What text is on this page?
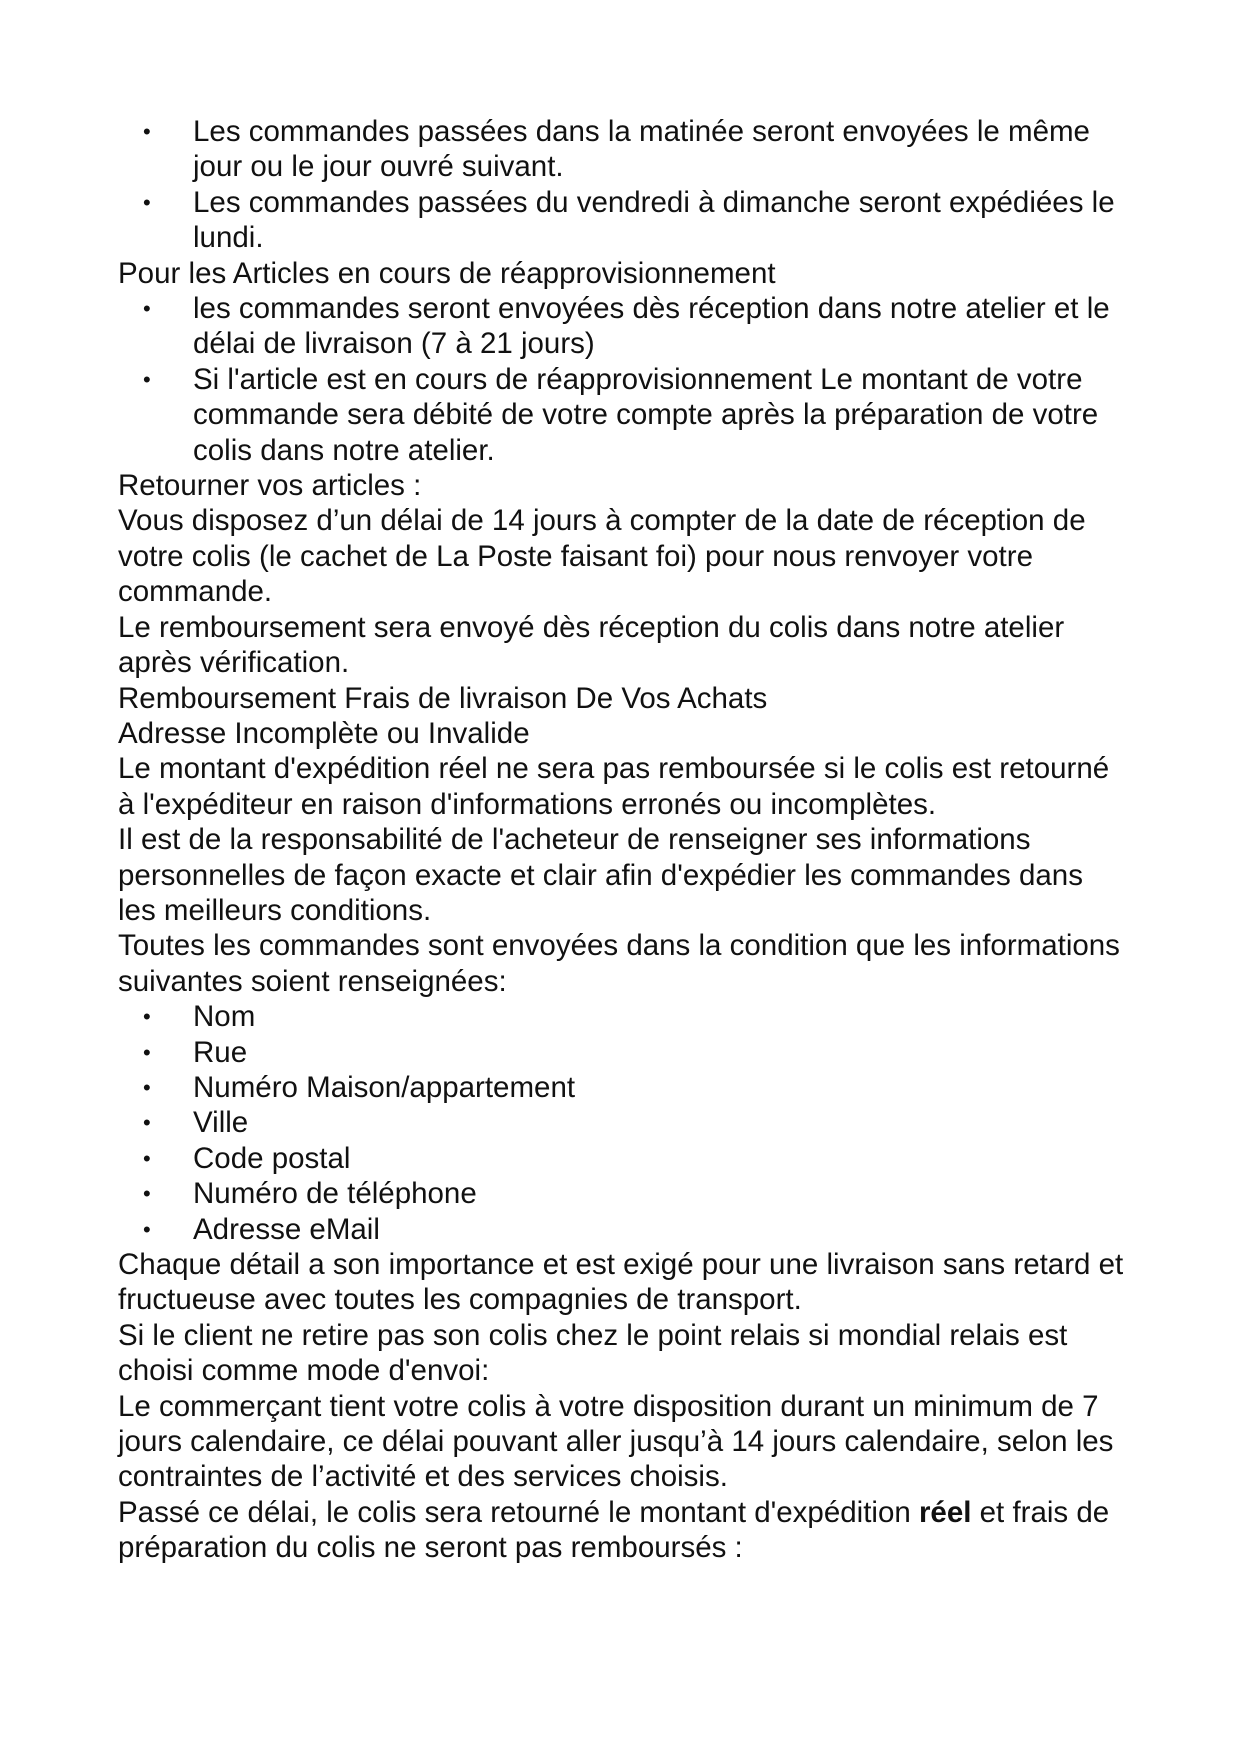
• Les commandes passées dans la matinée seront envoyées le même jour ou le jour ouvré suivant.
• Les commandes passées du vendredi à dimanche seront expédiées le lundi.

Pour les Articles en cours de réapprovisionnement

• les commandes seront envoyées dès réception dans notre atelier et le délai de livraison (7 à 21 jours)
• Si l'article est en cours de réapprovisionnement Le montant de votre commande sera débité de votre compte après la préparation de votre colis dans notre atelier.

Retourner vos articles :

Vous disposez d’un délai de 14 jours à compter de la date de réception de votre colis (le cachet de La Poste faisant foi) pour nous renvoyer votre commande.

Le remboursement sera envoyé dès réception du colis dans notre atelier après vérification.

Remboursement Frais de livraison De Vos Achats

Adresse Incomplète ou Invalide

Le montant d'expédition réel ne sera pas remboursée si le colis est retourné à l'expéditeur en raison d'informations erronés ou incomplètes.

Il est de la responsabilité de l'acheteur de renseigner ses informations personnelles de façon exacte et clair afin d'expédier les commandes dans les meilleurs conditions.

Toutes les commandes sont envoyées dans la condition que les informations suivantes soient renseignées:

• Nom
• Rue
• Numéro Maison/appartement
• Ville
• Code postal
• Numéro de téléphone
• Adresse eMail

Chaque détail a son importance et est exigé pour une livraison sans retard et fructueuse avec toutes les compagnies de transport.

Si le client ne retire pas son colis chez le point relais si mondial relais est choisi comme mode d'envoi:

Le commerçant tient votre colis à votre disposition durant un minimum de 7 jours calendaire, ce délai pouvant aller jusqu’à 14 jours calendaire, selon les contraintes de l’activité et des services choisis.

Passé ce délai, le colis sera retourné le montant d'expédition réel et frais de préparation du colis ne seront pas remboursés :
